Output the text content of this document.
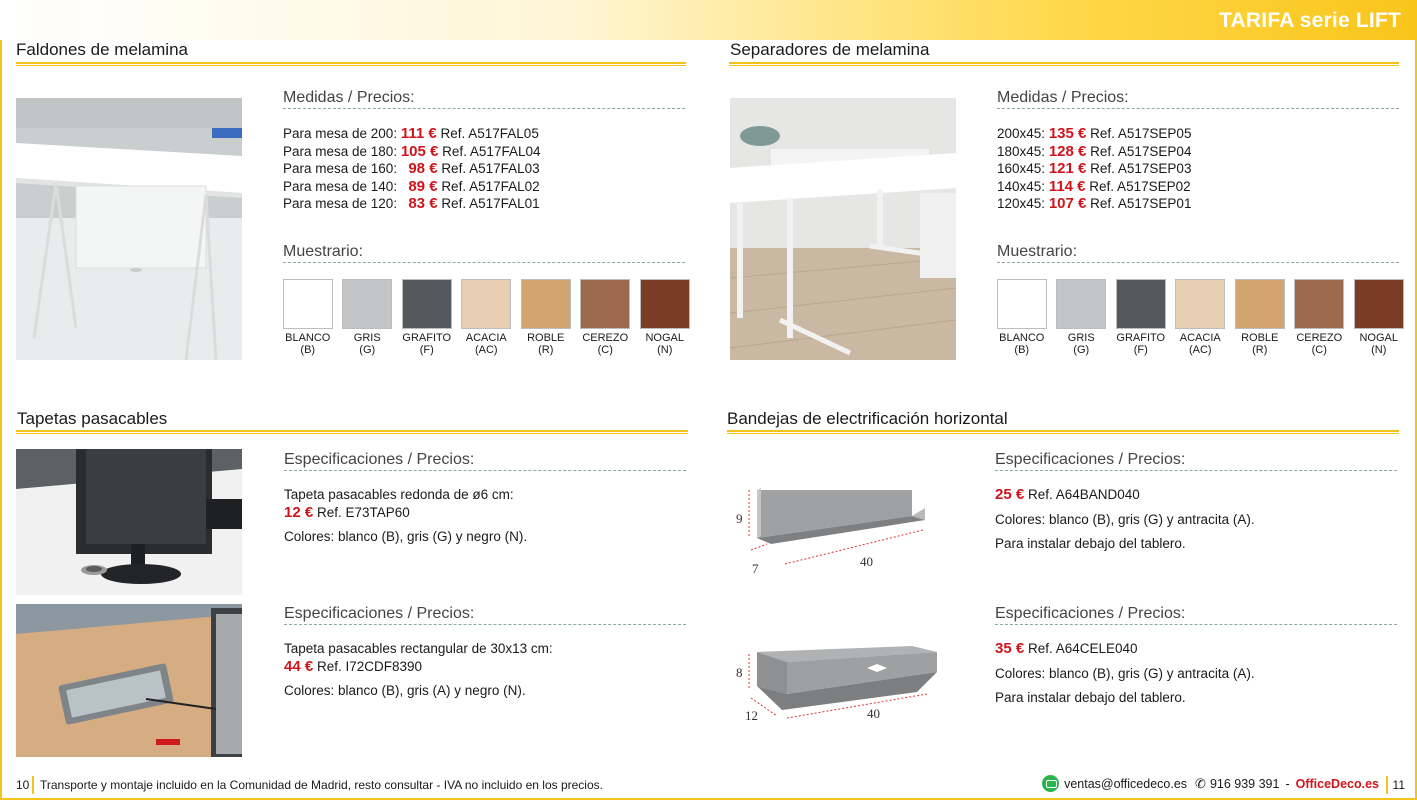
TARIFA serie LIFT
Faldones de melamina
Medidas / Precios:
Para mesa de 200: 111 € Ref. A517FAL05
Para mesa de 180: 105 € Ref. A517FAL04
Para mesa de 160: 98 € Ref. A517FAL03
Para mesa de 140: 89 € Ref. A517FAL02
Para mesa de 120: 83 € Ref. A517FAL01
Muestrario:
BLANCO
(B)
GRIS
(G)
GRAFITO
(F)
ACACIA
(AC)
ROBLE
(R)
CEREZO
(C)
NOGAL
(N)
Separadores de melamina
Medidas / Precios:
200x45: 135 € Ref. A517SEP05
180x45: 128 € Ref. A517SEP04
160x45: 121 € Ref. A517SEP03
140x45: 114 € Ref. A517SEP02
120x45: 107 € Ref. A517SEP01
Muestrario:
BLANCO
(B)
GRIS
(G)
GRAFITO
(F)
ACACIA
(AC)
ROBLE
(R)
CEREZO
(C)
NOGAL
(N)
Tapetas pasacables
Especificaciones / Precios:

Tapeta pasacables redonda de ø6 cm:

12 € Ref. E73TAP60

Colores: blanco (B), gris (G) y negro (N).

Especificaciones / Precios:

Tapeta pasacables rectangular de 30x13 cm:

44 € Ref. I72CDF8390

Colores: blanco (B), gris (A) y negro (N).

Bandejas de electrificación horizontal
9
7	40
Especificaciones / Precios:

25 € Ref. A64BAND040

Colores: blanco (B), gris (G) y antracita (A).

Para instalar debajo del tablero.

8
12	40
Especificaciones / Precios:

35 € Ref. A64CELE040

Colores: blanco (B), gris (G) y antracita (A).

Para instalar debajo del tablero.

10 Transporte y montaje incluido en la Comunidad de Madrid, resto consultar - IVA no incluido en los precios.	ventas@officedeco.es ✆ 916 939 391 - OfficeDeco.es 11
